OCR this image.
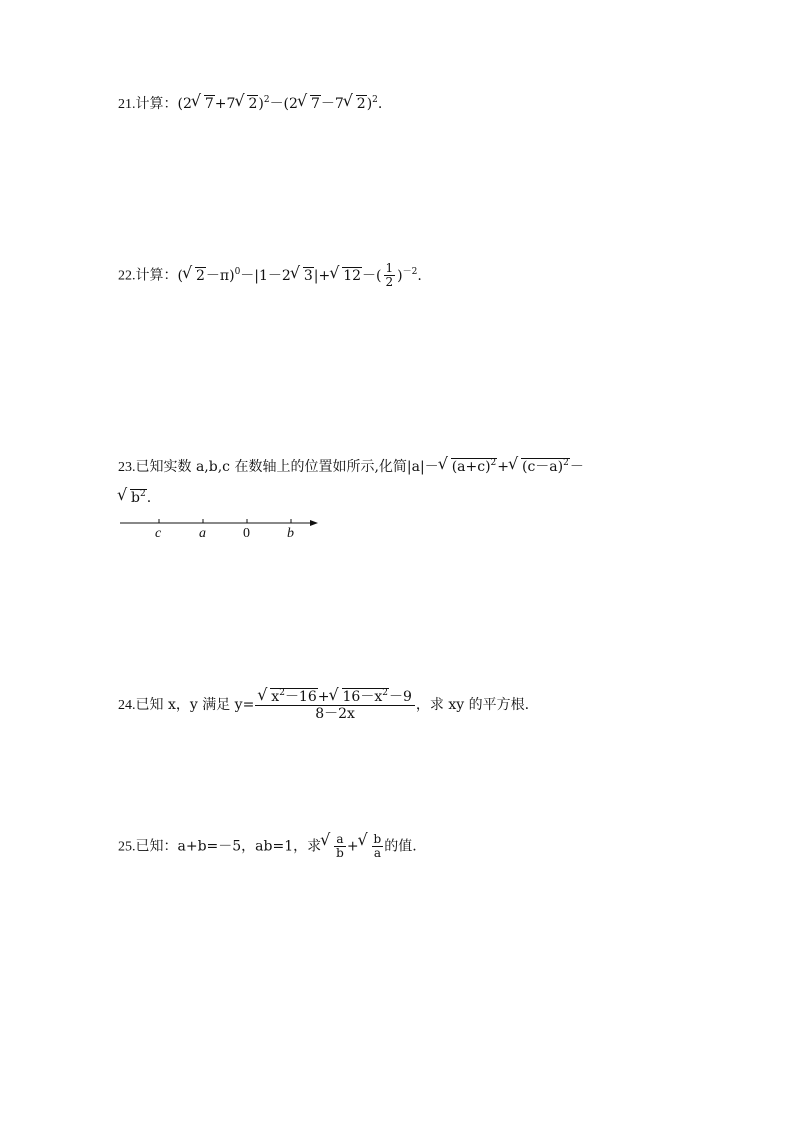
21.计算：(2√ 7+7√ 2)$^2$－(2√ 7－7√ 2)$^2$.
22.计算：(√ 2－π)$^0$－|1－2√ 3|+√ $12-( \frac{1}{2} )^{-2}$.
23.已知实数 a,b,c 在数轴上的位置如所示,化简|a|－√ $(a+c)^2+√$ $(c-a)^2-$
√ $b^2$.
c	a	0	b
24.已知 x，y 满足 y=
√ $\frac{x^2-16+√ 16-x^2-9}{8-2x}$ ，求 xy 的平方根.
25.已知：a+b=－5，ab=1，求
√ $\frac{a}{b}$ +
√ $\frac{b}{a}$ 的值.
